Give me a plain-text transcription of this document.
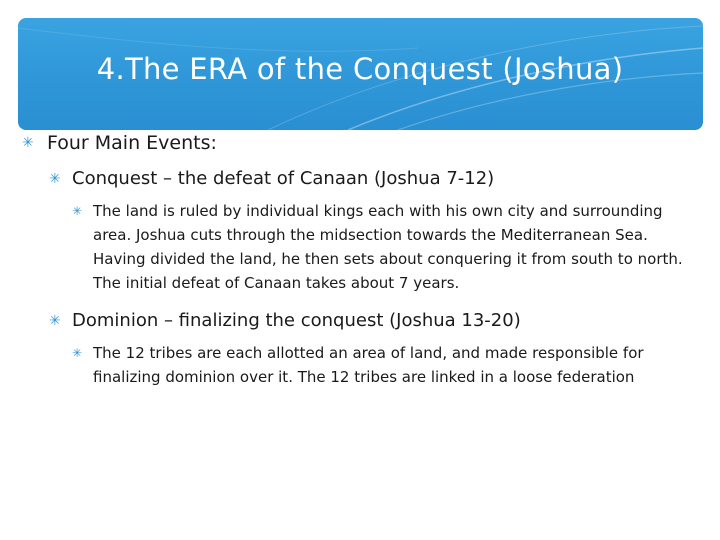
4.The ERA of the Conquest (Joshua)
✳ Four Main Events:
✳ Conquest – the defeat of Canaan (Joshua 7-12)
✳ The land is ruled by individual kings each with his own city and surrounding area. Joshua cuts through the midsection towards the Mediterranean Sea. Having divided the land, he then sets about conquering it from south to north. The initial defeat of Canaan takes about 7 years.
✳ Dominion – finalizing the conquest (Joshua 13-20)
✳ The 12 tribes are each allotted an area of land, and made responsible for finalizing dominion over it. The 12 tribes are linked in a loose federation
